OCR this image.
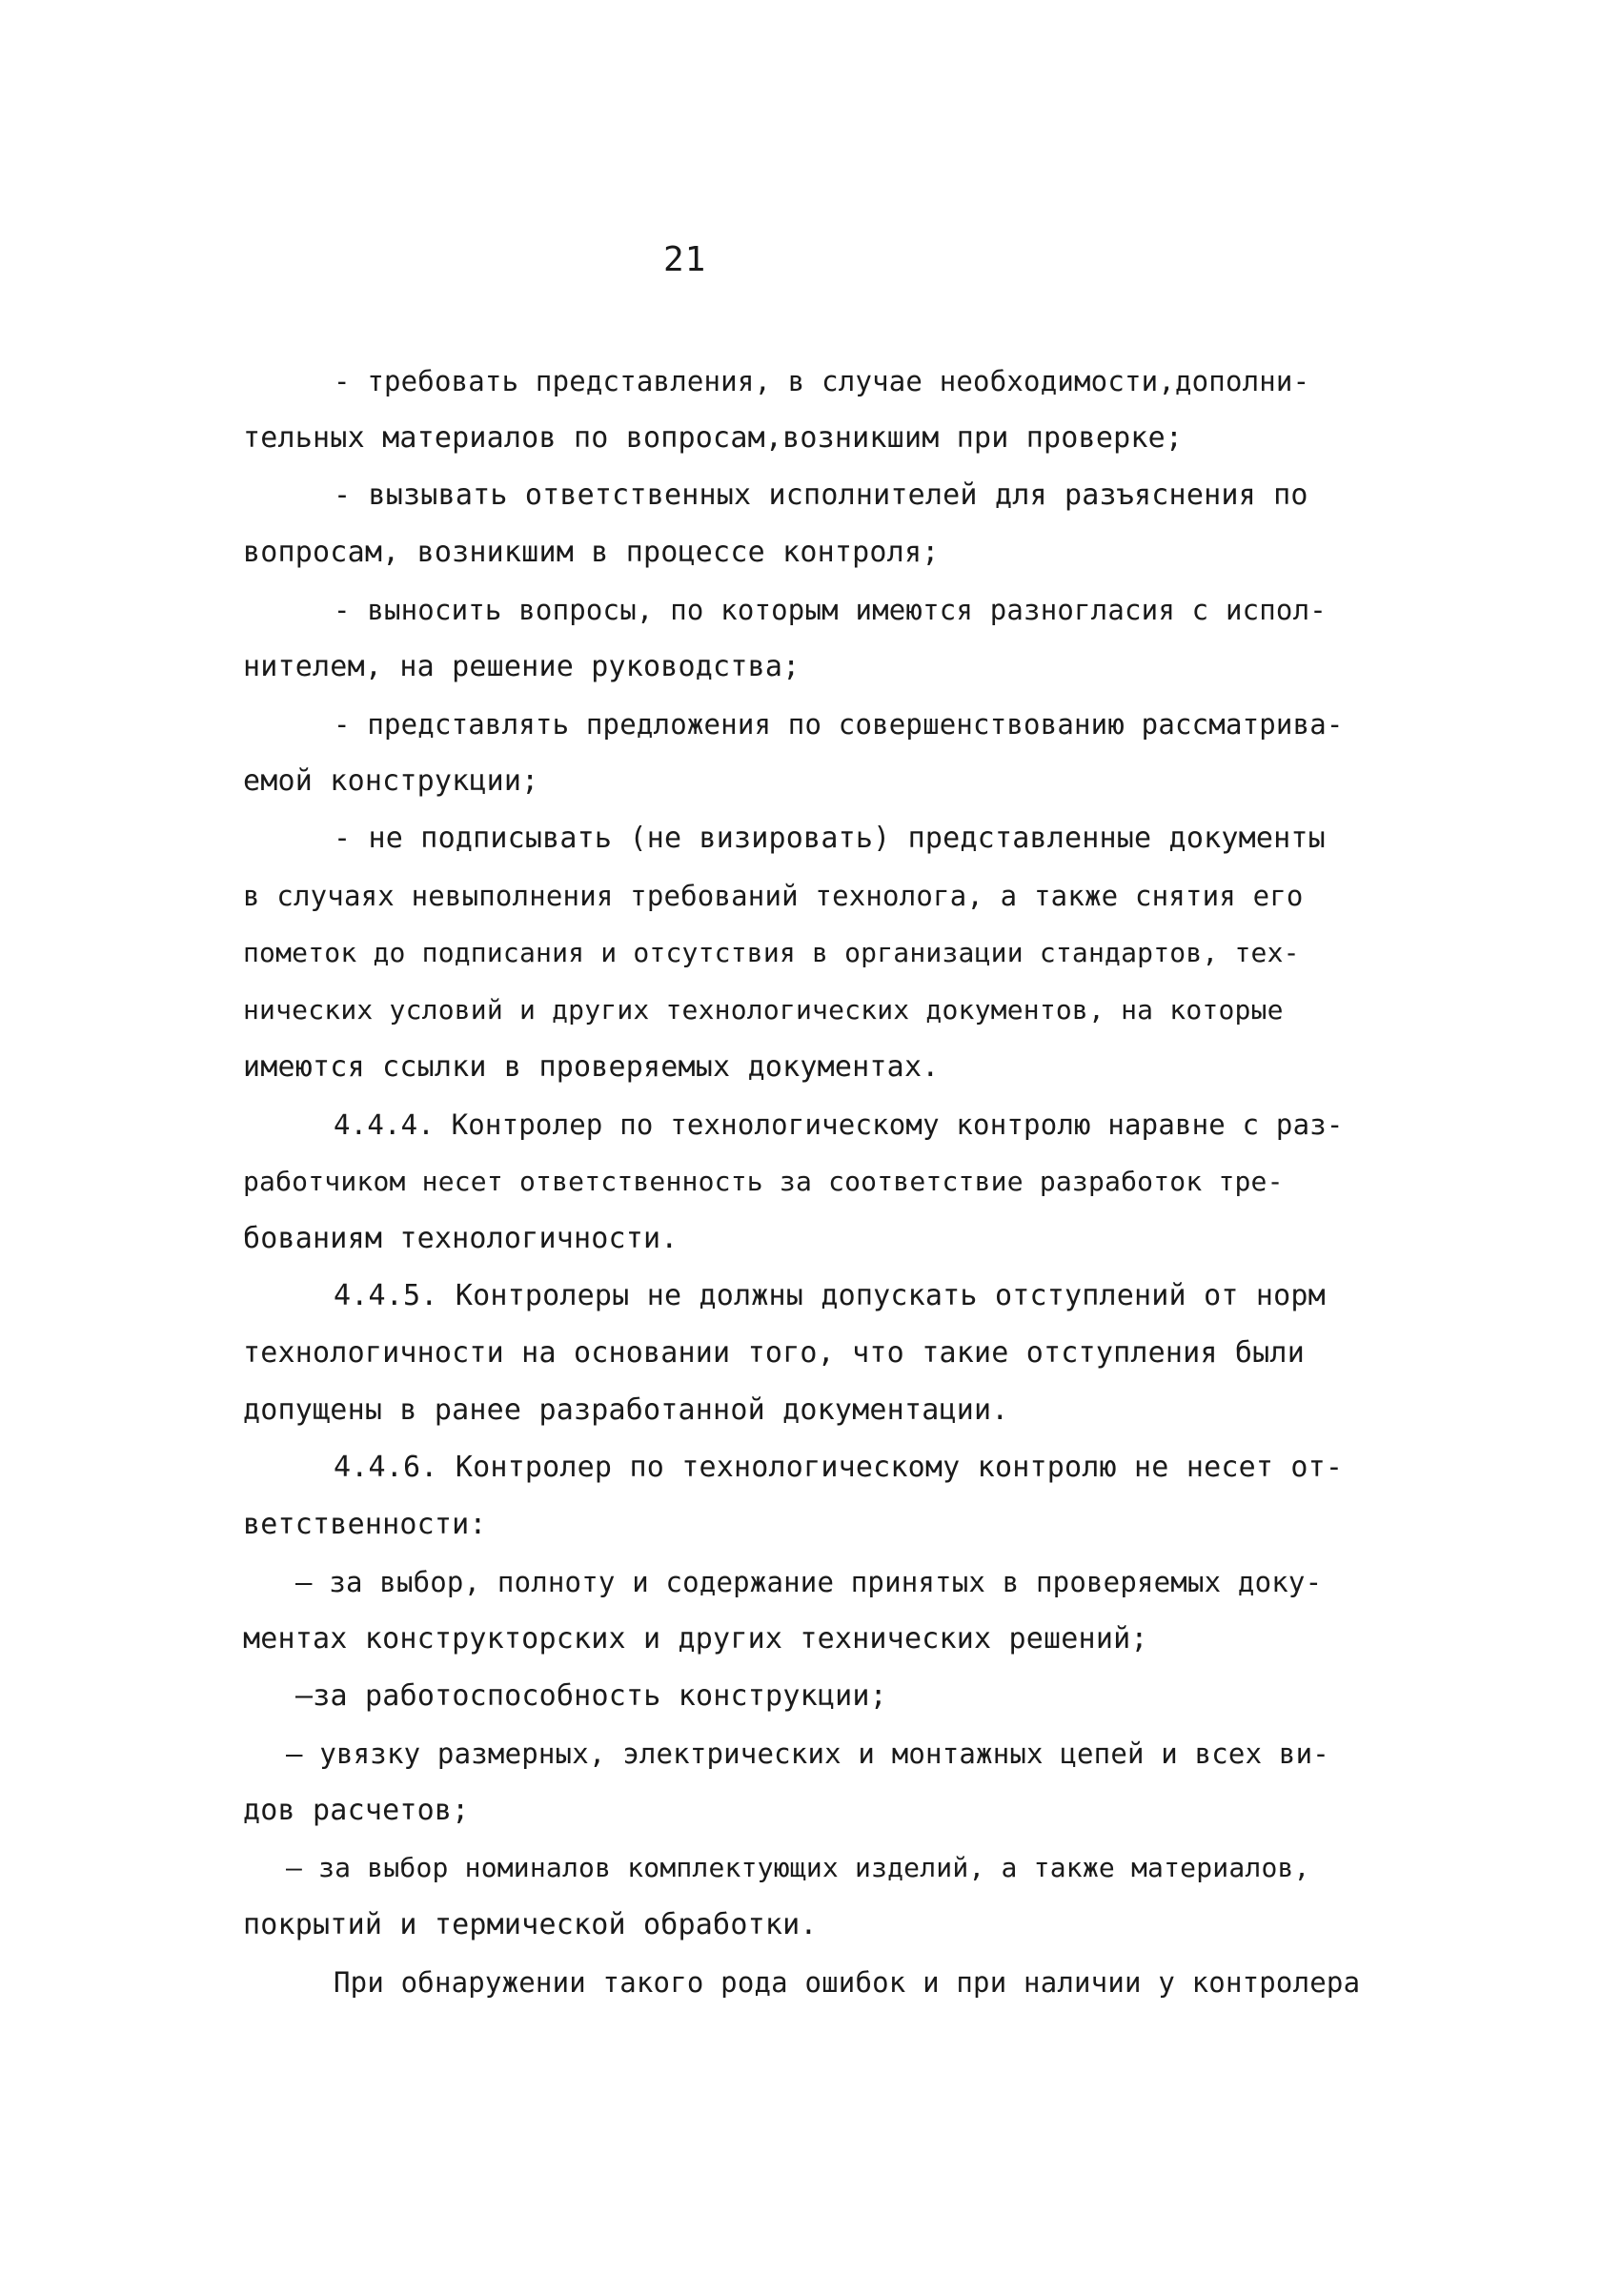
21
- требовать представления, в случае необходимости,дополни-
тельных материалов по вопросам,возникшим при проверке;
- вызывать ответственных исполнителей для разъяснения по
вопросам, возникшим в процессе контроля;
- выносить вопросы, по которым имеются разногласия с испол-
нителем, на решение руководства;
- представлять предложения по совершенствованию рассматрива-
емой конструкции;
- не подписывать (не визировать) представленные документы
в случаях невыполнения требований технолога, а также снятия его
пометок до подписания и отсутствия в организации стандартов, тех-
нических условий и других технологических документов, на которые
имеются ссылки в проверяемых документах.
4.4.4. Контролер по технологическому контролю наравне с раз-
работчиком несет ответственность за соответствие разработок тре-
бованиям технологичности.
4.4.5. Контролеры не должны допускать отступлений от норм
технологичности на основании того, что такие отступления были
допущены в ранее разработанной документации.
4.4.6. Контролер по технологическому контролю не несет от-
ветственности:
— за выбор, полноту и содержание принятых в проверяемых доку-
ментах конструкторских и других технических решений;
—за работоспособность конструкции;
— увязку размерных, электрических и монтажных цепей и всех ви-
дов расчетов;
— за выбор номиналов комплектующих изделий, а также материалов,
покрытий и термической обработки.
При обнаружении такого рода ошибок и при наличии у контролера
